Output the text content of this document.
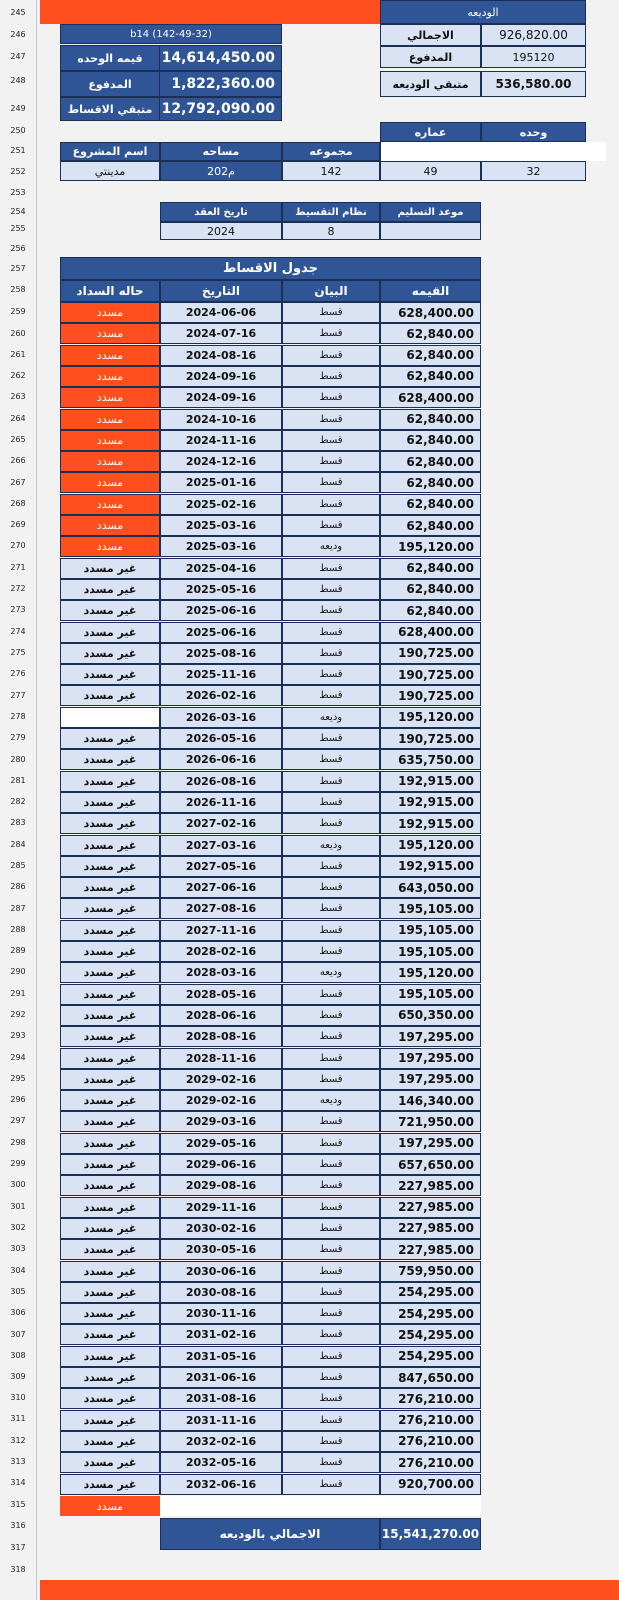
245
246
247
248
249
250
251
252
253
254
255
256
257
258
259
260
261
262
263
264
265
266
267
268
269
270
271
272
273
274
275
276
277
278
279
280
281
282
283
284
285
286
287
288
289
290
291
292
293
294
295
296
297
298
299
300
301
302
303
304
305
306
307
308
309
310
311
312
313
314
315
316
317
318
b14 (142-49-32)
14,614,450.00
قيمه الوحده
1,822,360.00
المدفوع
12,792,090.00
متبقي الاقساط
الوديعه
926,820.00
الاجمالي
195120
المدفوع
536,580.00
متبقي الوديعه
وحده
عماره
مجموعه
مساحه
اسم المشروع
32
49
142
202م
مدينتي
موعد التسليم
نظام التقسيط
تاريخ العقد
8
2024
جدول الاقساط
القيمه
البيان
التاريخ
حاله السداد
628,400.00
قسط
2024-06-06
مسدد
62,840.00
قسط
2024-07-16
مسدد
62,840.00
قسط
2024-08-16
مسدد
62,840.00
قسط
2024-09-16
مسدد
628,400.00
قسط
2024-09-16
مسدد
62,840.00
قسط
2024-10-16
مسدد
62,840.00
قسط
2024-11-16
مسدد
62,840.00
قسط
2024-12-16
مسدد
62,840.00
قسط
2025-01-16
مسدد
62,840.00
قسط
2025-02-16
مسدد
62,840.00
قسط
2025-03-16
مسدد
195,120.00
وديعه
2025-03-16
مسدد
62,840.00
قسط
2025-04-16
غير مسدد
62,840.00
قسط
2025-05-16
غير مسدد
62,840.00
قسط
2025-06-16
غير مسدد
628,400.00
قسط
2025-06-16
غير مسدد
190,725.00
قسط
2025-08-16
غير مسدد
190,725.00
قسط
2025-11-16
غير مسدد
190,725.00
قسط
2026-02-16
غير مسدد
195,120.00
وديعه
2026-03-16
190,725.00
قسط
2026-05-16
غير مسدد
635,750.00
قسط
2026-06-16
غير مسدد
192,915.00
قسط
2026-08-16
غير مسدد
192,915.00
قسط
2026-11-16
غير مسدد
192,915.00
قسط
2027-02-16
غير مسدد
195,120.00
وديعه
2027-03-16
غير مسدد
192,915.00
قسط
2027-05-16
غير مسدد
643,050.00
قسط
2027-06-16
غير مسدد
195,105.00
قسط
2027-08-16
غير مسدد
195,105.00
قسط
2027-11-16
غير مسدد
195,105.00
قسط
2028-02-16
غير مسدد
195,120.00
وديعه
2028-03-16
غير مسدد
195,105.00
قسط
2028-05-16
غير مسدد
650,350.00
قسط
2028-06-16
غير مسدد
197,295.00
قسط
2028-08-16
غير مسدد
197,295.00
قسط
2028-11-16
غير مسدد
197,295.00
قسط
2029-02-16
غير مسدد
146,340.00
وديعه
2029-02-16
غير مسدد
721,950.00
قسط
2029-03-16
غير مسدد
197,295.00
قسط
2029-05-16
غير مسدد
657,650.00
قسط
2029-06-16
غير مسدد
227,985.00
قسط
2029-08-16
غير مسدد
227,985.00
قسط
2029-11-16
غير مسدد
227,985.00
قسط
2030-02-16
غير مسدد
227,985.00
قسط
2030-05-16
غير مسدد
759,950.00
قسط
2030-06-16
غير مسدد
254,295.00
قسط
2030-08-16
غير مسدد
254,295.00
قسط
2030-11-16
غير مسدد
254,295.00
قسط
2031-02-16
غير مسدد
254,295.00
قسط
2031-05-16
غير مسدد
847,650.00
قسط
2031-06-16
غير مسدد
276,210.00
قسط
2031-08-16
غير مسدد
276,210.00
قسط
2031-11-16
غير مسدد
276,210.00
قسط
2032-02-16
غير مسدد
276,210.00
قسط
2032-05-16
غير مسدد
920,700.00
قسط
2032-06-16
غير مسدد
مسدد
الاجمالي بالوديعه	15,541,270.00
